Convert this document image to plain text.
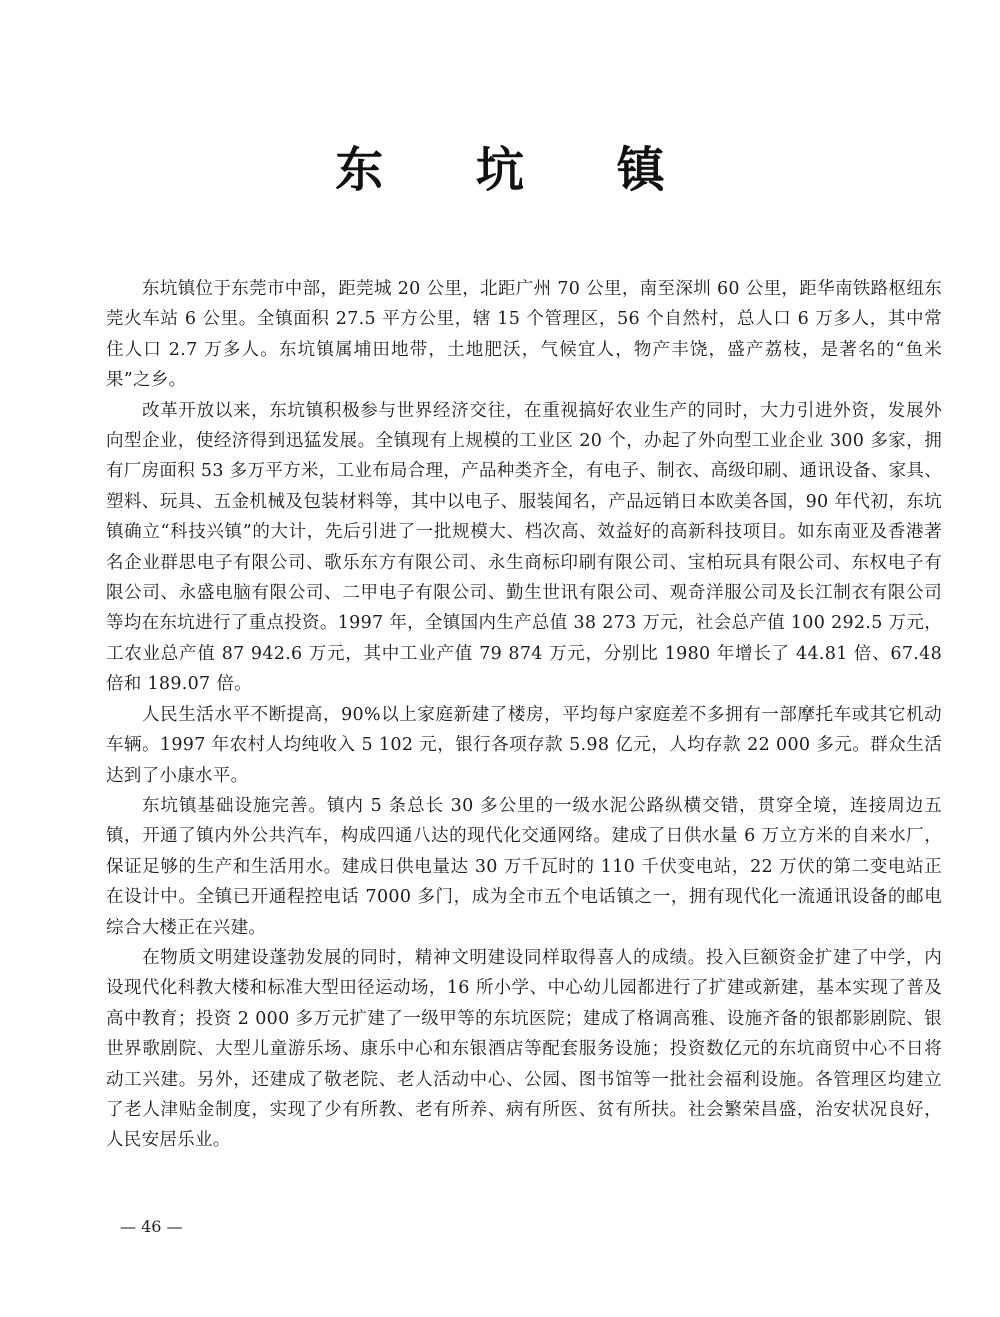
东 坑 镇

东坑镇位于东莞市中部，距莞城 20 公里，北距广州 70 公里，南至深圳 60 公里，距华南铁路枢纽东莞火车站 6 公里。全镇面积 27.5 平方公里，辖 15 个管理区，56 个自然村，总人口 6 万多人，其中常住人口 2.7 万多人。东坑镇属埔田地带，土地肥沃，气候宜人，物产丰饶，盛产荔枝，是著名的“鱼米果”之乡。

改革开放以来，东坑镇积极参与世界经济交往，在重视搞好农业生产的同时，大力引进外资，发展外向型企业，使经济得到迅猛发展。全镇现有上规模的工业区 20 个，办起了外向型工业企业 300 多家，拥有厂房面积 53 多万平方米，工业布局合理，产品种类齐全，有电子、制衣、高级印刷、通讯设备、家具、塑料、玩具、五金机械及包装材料等，其中以电子、服装闻名，产品远销日本欧美各国，90 年代初，东坑镇确立“科技兴镇”的大计，先后引进了一批规模大、档次高、效益好的高新科技项目。如东南亚及香港著名企业群思电子有限公司、歌乐东方有限公司、永生商标印刷有限公司、宝柏玩具有限公司、东权电子有限公司、永盛电脑有限公司、二甲电子有限公司、勤生世讯有限公司、观奇洋服公司及长江制衣有限公司等均在东坑进行了重点投资。1997 年，全镇国内生产总值 38 273 万元，社会总产值 100 292.5 万元，工农业总产值 87 942.6 万元，其中工业产值 79 874 万元，分别比 1980 年增长了 44.81 倍、67.48 倍和 189.07 倍。

人民生活水平不断提高，90%以上家庭新建了楼房，平均每户家庭差不多拥有一部摩托车或其它机动车辆。1997 年农村人均纯收入 5 102 元，银行各项存款 5.98 亿元，人均存款 22 000 多元。群众生活达到了小康水平。

东坑镇基础设施完善。镇内 5 条总长 30 多公里的一级水泥公路纵横交错，贯穿全境，连接周边五镇，开通了镇内外公共汽车，构成四通八达的现代化交通网络。建成了日供水量 6 万立方米的自来水厂，保证足够的生产和生活用水。建成日供电量达 30 万千瓦时的 110 千伏变电站，22 万伏的第二变电站正在设计中。全镇已开通程控电话 7000 多门，成为全市五个电话镇之一，拥有现代化一流通讯设备的邮电综合大楼正在兴建。

在物质文明建设蓬勃发展的同时，精神文明建设同样取得喜人的成绩。投入巨额资金扩建了中学，内设现代化科教大楼和标准大型田径运动场，16 所小学、中心幼儿园都进行了扩建或新建，基本实现了普及高中教育；投资 2 000 多万元扩建了一级甲等的东坑医院；建成了格调高雅、设施齐备的银都影剧院、银世界歌剧院、大型儿童游乐场、康乐中心和东银酒店等配套服务设施；投资数亿元的东坑商贸中心不日将动工兴建。另外，还建成了敬老院、老人活动中心、公园、图书馆等一批社会福利设施。各管理区均建立了老人津贴金制度，实现了少有所教、老有所养、病有所医、贫有所扶。社会繁荣昌盛，治安状况良好，人民安居乐业。

— 46 —
